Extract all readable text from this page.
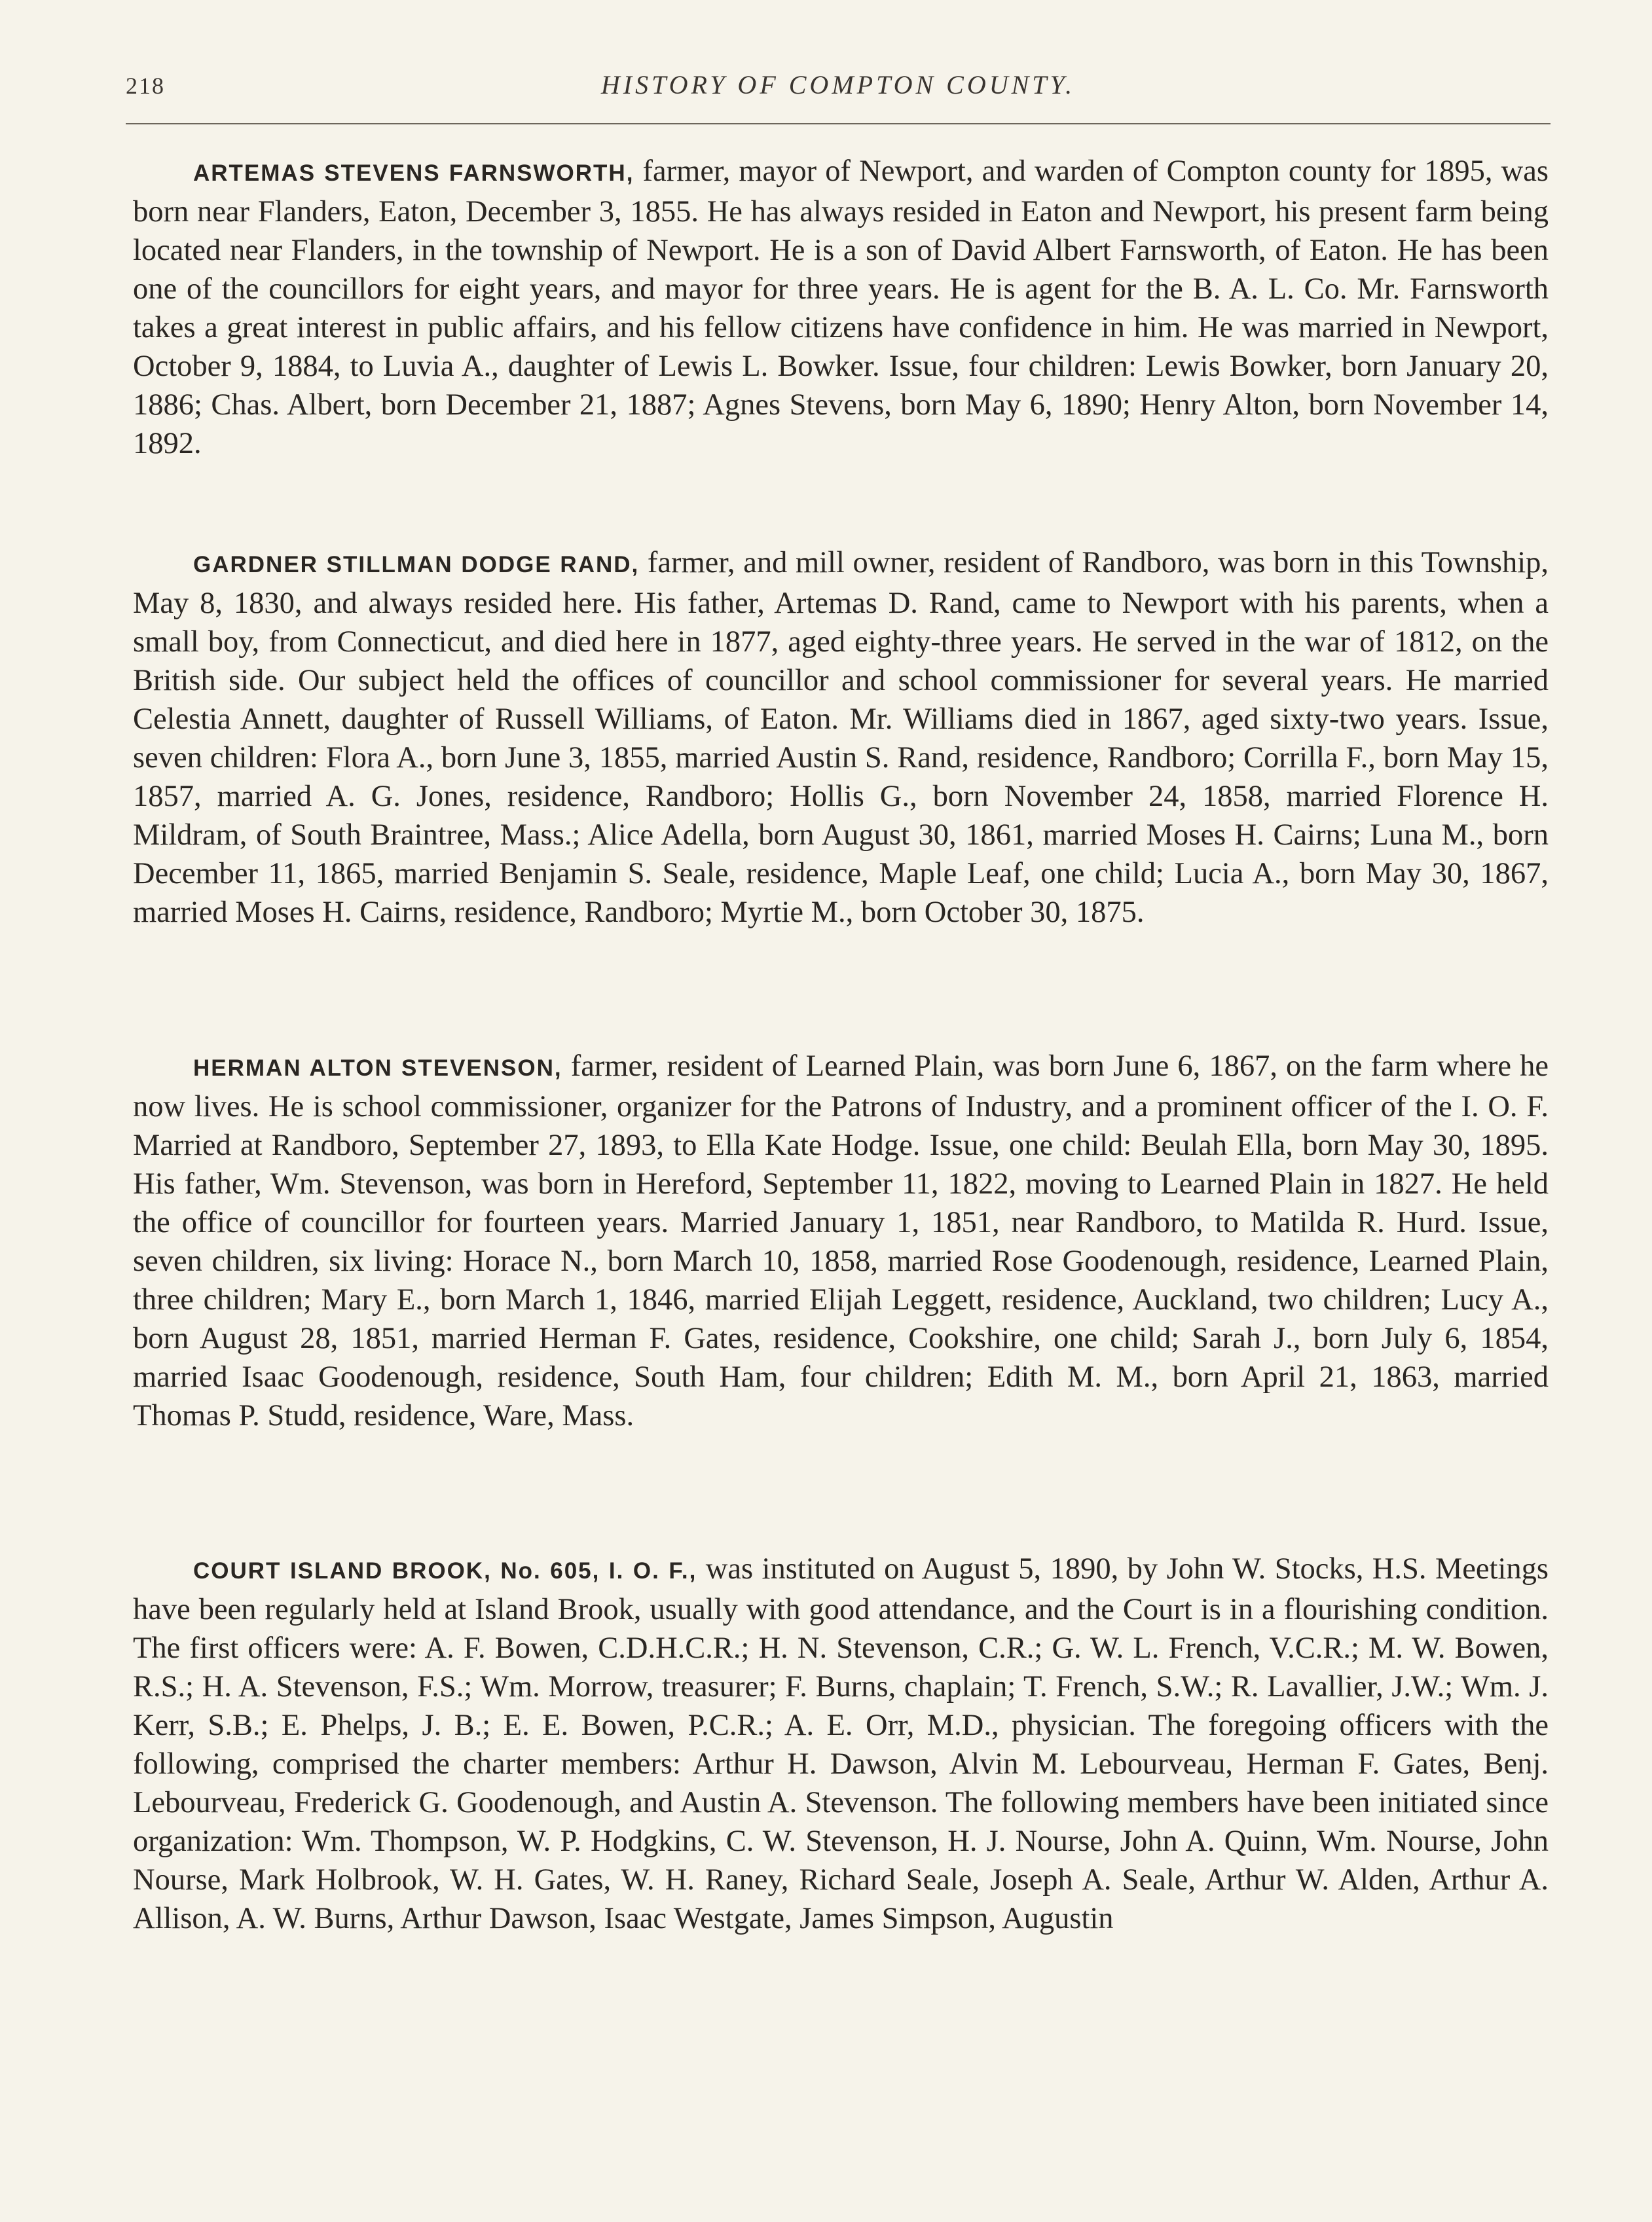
218	HISTORY OF COMPTON COUNTY.

ARTEMAS STEVENS FARNSWORTH, farmer, mayor of Newport, and warden of Compton county for 1895, was born near Flanders, Eaton, December 3, 1855. He has always resided in Eaton and Newport, his present farm being located near Flanders, in the township of Newport. He is a son of David Albert Farnsworth, of Eaton. He has been one of the councillors for eight years, and mayor for three years. He is agent for the B. A. L. Co. Mr. Farnsworth takes a great interest in public affairs, and his fellow citizens have confidence in him. He was married in Newport, October 9, 1884, to Luvia A., daughter of Lewis L. Bowker. Issue, four children: Lewis Bowker, born January 20, 1886; Chas. Albert, born December 21, 1887; Agnes Stevens, born May 6, 1890; Henry Alton, born November 14, 1892.

GARDNER STILLMAN DODGE RAND, farmer, and mill owner, resident of Randboro, was born in this Township, May 8, 1830, and always resided here. His father, Artemas D. Rand, came to Newport with his parents, when a small boy, from Connecticut, and died here in 1877, aged eighty-three years. He served in the war of 1812, on the British side. Our subject held the offices of councillor and school commissioner for several years. He married Celestia Annett, daughter of Russell Williams, of Eaton. Mr. Williams died in 1867, aged sixty-two years. Issue, seven children: Flora A., born June 3, 1855, married Austin S. Rand, residence, Randboro; Corrilla F., born May 15, 1857, married A. G. Jones, residence, Randboro; Hollis G., born November 24, 1858, married Florence H. Mildram, of South Braintree, Mass.; Alice Adella, born August 30, 1861, married Moses H. Cairns; Luna M., born December 11, 1865, married Benjamin S. Seale, residence, Maple Leaf, one child; Lucia A., born May 30, 1867, married Moses H. Cairns, residence, Randboro; Myrtie M., born October 30, 1875.

HERMAN ALTON STEVENSON, farmer, resident of Learned Plain, was born June 6, 1867, on the farm where he now lives. He is school commissioner, organizer for the Patrons of Industry, and a prominent officer of the I. O. F. Married at Randboro, September 27, 1893, to Ella Kate Hodge. Issue, one child: Beulah Ella, born May 30, 1895. His father, Wm. Stevenson, was born in Hereford, September 11, 1822, moving to Learned Plain in 1827. He held the office of councillor for fourteen years. Married January 1, 1851, near Randboro, to Matilda R. Hurd. Issue, seven children, six living: Horace N., born March 10, 1858, married Rose Goodenough, residence, Learned Plain, three children; Mary E., born March 1, 1846, married Elijah Leggett, residence, Auckland, two children; Lucy A., born August 28, 1851, married Herman F. Gates, residence, Cookshire, one child; Sarah J., born July 6, 1854, married Isaac Goodenough, residence, South Ham, four children; Edith M. M., born April 21, 1863, married Thomas P. Studd, residence, Ware, Mass.

COURT ISLAND BROOK, No. 605, I. O. F., was instituted on August 5, 1890, by John W. Stocks, H.S. Meetings have been regularly held at Island Brook, usually with good attendance, and the Court is in a flourishing condition. The first officers were: A. F. Bowen, C.D.H.C.R.; H. N. Stevenson, C.R.; G. W. L. French, V.C.R.; M. W. Bowen, R.S.; H. A. Stevenson, F.S.; Wm. Morrow, treasurer; F. Burns, chaplain; T. French, S.W.; R. Lavallier, J.W.; Wm. J. Kerr, S.B.; E. Phelps, J. B.; E. E. Bowen, P.C.R.; A. E. Orr, M.D., physician. The foregoing officers with the following, comprised the charter members: Arthur H. Dawson, Alvin M. Lebourveau, Herman F. Gates, Benj. Lebourveau, Frederick G. Goodenough, and Austin A. Stevenson. The following members have been initiated since organization: Wm. Thompson, W. P. Hodgkins, C. W. Stevenson, H. J. Nourse, John A. Quinn, Wm. Nourse, John Nourse, Mark Holbrook, W. H. Gates, W. H. Raney, Richard Seale, Joseph A. Seale, Arthur W. Alden, Arthur A. Allison, A. W. Burns, Arthur Dawson, Isaac Westgate, James Simpson, Augustin
